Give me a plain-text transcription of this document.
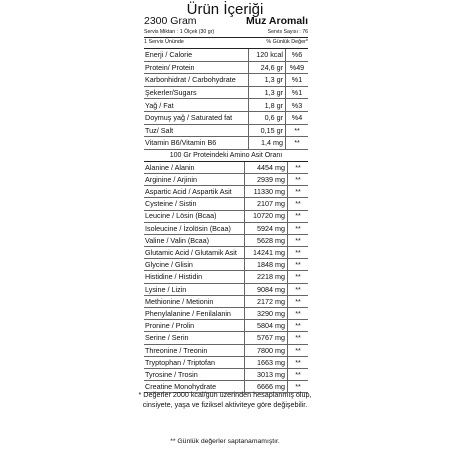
Ürün İçeriği
2300 Gram	Muz Aromalı
Servis Miktarı : 1 Ölçek (30 gr)	Servis Sayısı : 76
1 Servis Ününde	% Günlük Değer*
Enerji / Calorie	120 kcal	%6
Protein/ Protein	24,6 gr %49
Karbonhidrat / Carbohydrate	1,3 gr	%1
Şekerler/Sugars	1,3 gr	%1
Yağ / Fat	1,8 gr	%3
Doymuş yağ / Saturated fat	0,6 gr	%4
Tuz/ Salt	0,15 gr	**
Vitamin B6/Vitamin B6	1,4 mg	**
100 Gr Proteindeki Amino Asit Oranı
Alanine / Alanin	4454 mg	**
Arginine / Arjinin	2939 mg	**
Aspartic Acid / Aspartik Asit	11330 mg	**
Cysteine / Sistin	2107 mg	**
Leucine / Lösin (Bcaa)	10720 mg	**
Isoleucine / İzolösin (Bcaa)	5924 mg	**
Valine / Valin (Bcaa)	5628 mg	**
Glutamic Acid / Glutamik Asit	14241 mg	**
Glycine / Glisin	1848 mg	**
Histidine / Histidin	2218 mg	**
Lysine / Lizin	9084 mg	**
Methionine / Metionin	2172 mg	**
Phenylalanine / Fenilalanin	3290 mg	**
Pronine / Prolin	5804 mg	**
Serine / Serin	5767 mg	**
Threonine / Treonin	7800 mg	**
Tryptophan / Triptofan	1663 mg	**
Tyrosine / Trosin	3013 mg	**
Creatine Monohydrate	6666 mg	**
* Değerler 2000 kcal/gün üzerinden hesaplanmış olup, cinsiyete, yaşa ve fiziksel aktiviteye göre değişebilir.
** Günlük değerler saptanamamıştır.
